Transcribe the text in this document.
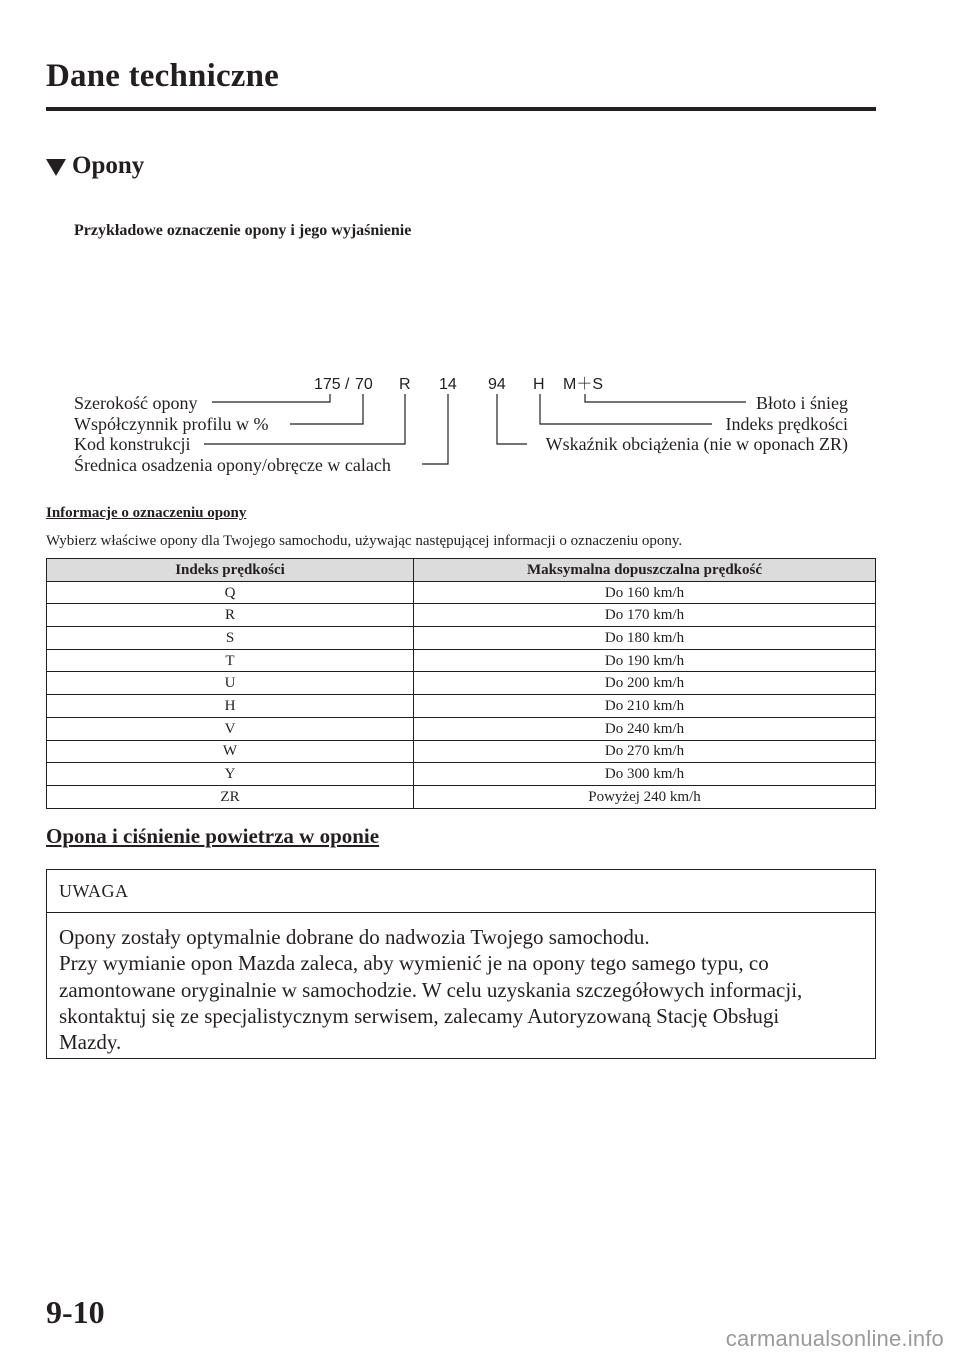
Dane techniczne
Opony
Przykładowe oznaczenie opony i jego wyjaśnienie
175 / 70 R 14 94 H M＋S
Szerokość opony
Współczynnik profilu w %
Kod konstrukcji
Średnica osadzenia opony/obręcze w calach
Błoto i śnieg
Indeks prędkości
Wskaźnik obciążenia (nie w oponach ZR)
Informacje o oznaczeniu opony
Wybierz właściwe opony dla Twojego samochodu, używając następującej informacji o oznaczeniu opony.
Indeks prędkości	Maksymalna dopuszczalna prędkość
Q	Do 160 km/h
R	Do 170 km/h
S	Do 180 km/h
T	Do 190 km/h
U	Do 200 km/h
H	Do 210 km/h
V	Do 240 km/h
W	Do 270 km/h
Y	Do 300 km/h
ZR	Powyżej 240 km/h
Opona i ciśnienie powietrza w oponie
UWAGA

Opony zostały optymalnie dobrane do nadwozia Twojego samochodu.

Przy wymianie opon Mazda zaleca, aby wymienić je na opony tego samego typu, co

zamontowane oryginalnie w samochodzie. W celu uzyskania szczegółowych informacji,

skontaktuj się ze specjalistycznym serwisem, zalecamy Autoryzowaną Stację Obsługi

Mazdy.

9-10
carmanualsonline.info
